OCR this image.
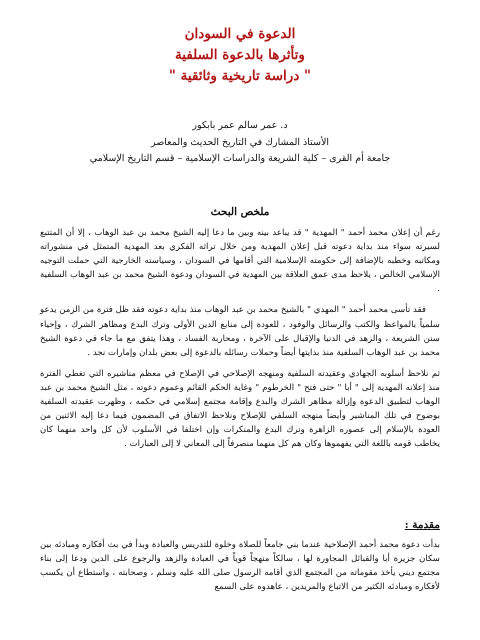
الدعوة في السودان
وتأثرها بالدعوة السلفية
" دراسة تاريخية وثائقية "
د. عمر سالم عمر بابكور
الأستاذ المشارك في التاريخ الحديث والمعاصر
جامعة أم القرى – كلية الشريعة والدراسات الإسلامية – قسم التاريخ الإسلامي
ملخص البحث

رغم أن إعلان محمد أحمد " المهدية " قد يباعد بينه وبين ما دعا إليه الشيخ محمد بن عبد الوهاب ، إلا أن المتتبع لسيرته سواء منذ بداية دعوته قبل إعلان المهدية ومن خلال تراثه الفكري بعد المهدية المتمثل في منشوراته ومكاتبه وخطبه بالإضافة إلى حكومته الإسلامية التي أقامها في السودان ، وسياسته الخارجية التي حملت التوجيه الإسلامي الخالص ، يلاحظ مدى عمق العلاقة بين المهدية في السودان ودعوة الشيخ محمد بن عبد الوهاب السلفية .

فقد تأسى محمد أحمد " المهدي " بالشيخ محمد بن عبد الوهاب منذ بداية دعوته فقد ظل فترة من الزمن يدعو سلمياً بالمواعظ والكتب والرسائل والوفود ، للعودة إلى منابع الدين الأولى وترك البدع ومظاهر الشرك ، وإحياء سنن الشريعة ، والزهد في الدنيا والإقبال على الآخرة ، ومحاربة الفساد ، وهذا يتفق مع ما جاء في دعوة الشيخ محمد بن عبد الوهاب السلفية منذ بدايتها أيضاً وحملات رسائله بالدعوة إلى بعض بلدان وإمارات نجد .

ثم نلاحظ أسلوبه الجهادي وعقيدته السلفية ومنهجه الإصلاحي في الإصلاح في معظم مناشيره التي تغطي الفترة منذ إعلانه المهدية إلى " أبا " حتى فتح " الخرطوم " وغاية الحكم القائم وعموم دعوته ، مثل الشيخ محمد بن عبد الوهاب لتطبيق الدعوة وإزالة مظاهر الشرك والبدع وإقامة مجتمع إسلامي في حكمه ، وظهرت عقيدته السلفية بوضوح في تلك المناشير وأيضاً منهجه السلفي للإصلاح ونلاحظ الاتفاق في المضمون فيما دعا إليه الاثنين من العودة بالإسلام إلى عصوره الزاهرة وترك البدع والمنكرات وإن اختلفا في الأسلوب لأن كل واحد منهما كان يخاطب قومه باللغة التي يفهموها وكان هم كل منهما منصرفاً إلى المعاني لا إلى العبارات .

مقدمة :

بدأت دعوة محمد أحمد الإصلاحية عندما بني جامعاً للصلاة وخلوة للتدريس والعبادة وبدأ في بث أفكاره ومبادئه بين سكان جزيرة أبا والقبائل المجاورة لها ، سالكاً منهجاً قوياً في العبادة والزهد والرجوع على الدين ودعا إلى بناء مجتمع ديني يأخذ مقوماته من المجتمع الذي أقامه الرسول صلى الله عليه وسلم ، وصحابته ، واستطاع أن يكسب لأفكاره ومبادئه الكثير من الاتباع والمريدين ، عاهدوه على السمع
